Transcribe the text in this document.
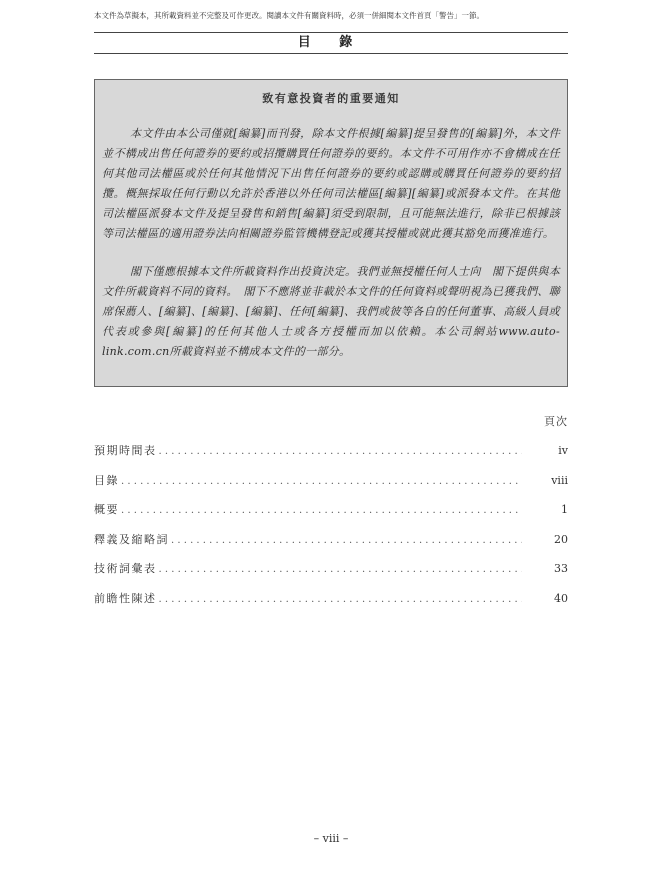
本文件為草擬本，其所載資料並不完整及可作更改。閱讀本文件有關資料時，必須一併細閱本文件首頁「警告」一節。
目 錄
致有意投資者的重要通知

本文件由本公司僅就[編纂]而刊發，除本文件根據[編纂]提呈發售的[編纂]外，本文件並不構成出售任何證券的要約或招攬購買任何證券的要約。本文件不可用作亦不會構成在任何其他司法權區或於任何其他情況下出售任何證券的要約或認購或購買任何證券的要約招攬。概無採取任何行動以允許於香港以外任何司法權區[編纂][編纂]或派發本文件。在其他司法權區派發本文件及提呈發售和銷售[編纂]須受到限制，且可能無法進行，除非已根據該等司法權區的適用證券法向相關證券監管機構登記或獲其授權或就此獲其豁免而獲准進行。

閣下僅應根據本文件所載資料作出投資決定。我們並無授權任何人士向　閣下提供與本文件所載資料不同的資料。　閣下不應將並非載於本文件的任何資料或聲明視為已獲我們、聯席保薦人、[編纂]、[編纂]、[編纂]、任何[編纂]、我們或彼等各自的任何董事、高級人員或代表或參與[編纂]的任何其他人士或各方授權而加以依賴。本公司網站www.auto-link.com.cn所載資料並不構成本文件的一部分。

頁次
預期時間表 . . .	iv
目錄 . . .	viii
概要 . . .	1
釋義及縮略詞 . . .	20
技術詞彙表 . . .	33
前瞻性陳述 . . .	40
– viii –
